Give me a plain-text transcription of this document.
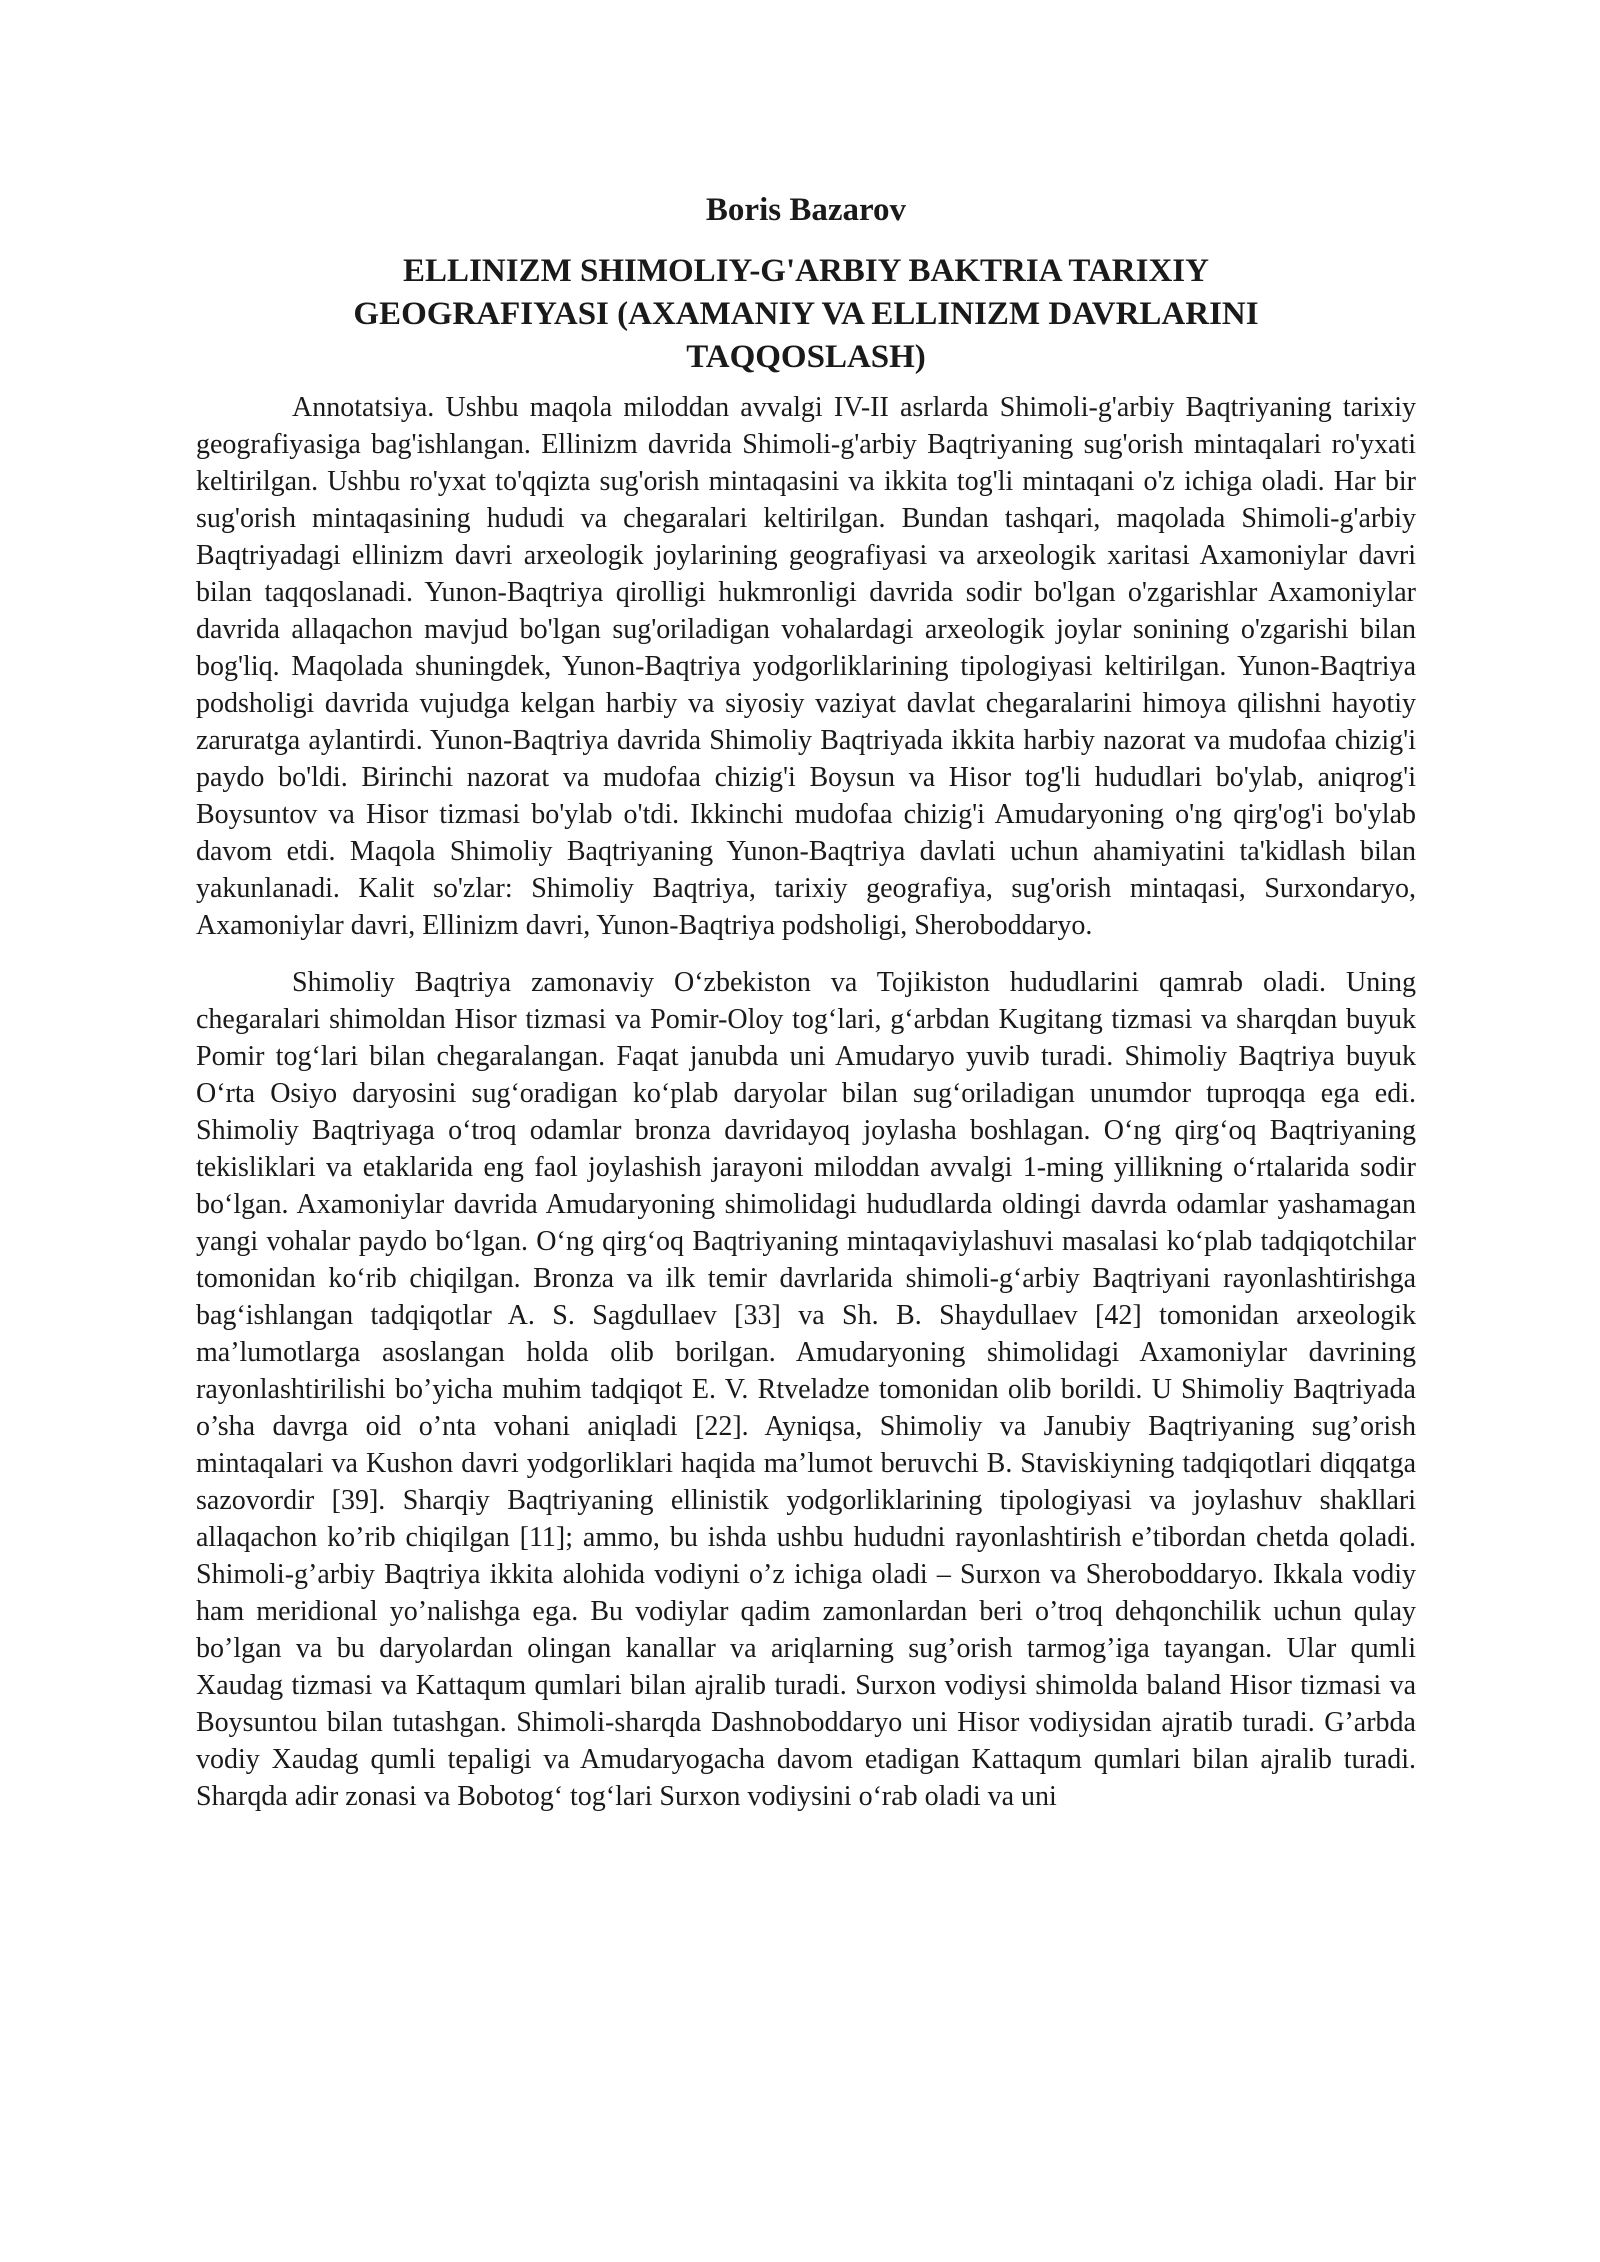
Boris Bazarov
ELLINIZM SHIMOLIY-G'ARBIY BAKTRIA TARIXIY
GEOGRAFIYASI (AXAMANIY VA ELLINIZM DAVRLARINI
TAQQOSLASH)

Annotatsiya. Ushbu maqola miloddan avvalgi IV-II asrlarda Shimoli-g'arbiy Baqtriyaning tarixiy geografiyasiga bag'ishlangan. Ellinizm davrida Shimoli-g'arbiy Baqtriyaning sug'orish mintaqalari ro'yxati keltirilgan. Ushbu ro'yxat to'qqizta sug'orish mintaqasini va ikkita tog'li mintaqani o'z ichiga oladi. Har bir sug'orish mintaqasining hududi va chegaralari keltirilgan. Bundan tashqari, maqolada Shimoli-g'arbiy Baqtriyadagi ellinizm davri arxeologik joylarining geografiyasi va arxeologik xaritasi Axamoniylar davri bilan taqqoslanadi. Yunon-Baqtriya qirolligi hukmronligi davrida sodir bo'lgan o'zgarishlar Axamoniylar davrida allaqachon mavjud bo'lgan sug'oriladigan vohalardagi arxeologik joylar sonining o'zgarishi bilan bog'liq. Maqolada shuningdek, Yunon-Baqtriya yodgorliklarining tipologiyasi keltirilgan. Yunon-Baqtriya podsholigi davrida vujudga kelgan harbiy va siyosiy vaziyat davlat chegaralarini himoya qilishni hayotiy zaruratga aylantirdi. Yunon-Baqtriya davrida Shimoliy Baqtriyada ikkita harbiy nazorat va mudofaa chizig'i paydo bo'ldi. Birinchi nazorat va mudofaa chizig'i Boysun va Hisor tog'li hududlari bo'ylab, aniqrog'i Boysuntov va Hisor tizmasi bo'ylab o'tdi. Ikkinchi mudofaa chizig'i Amudaryoning o'ng qirg'og'i bo'ylab davom etdi. Maqola Shimoliy Baqtriyaning Yunon-Baqtriya davlati uchun ahamiyatini ta'kidlash bilan yakunlanadi. Kalit so'zlar: Shimoliy Baqtriya, tarixiy geografiya, sug'orish mintaqasi, Surxondaryo, Axamoniylar davri, Ellinizm davri, Yunon-Baqtriya podsholigi, Sheroboddaryo.

Shimoliy Baqtriya zamonaviy O‘zbekiston va Tojikiston hududlarini qamrab oladi. Uning chegaralari shimoldan Hisor tizmasi va Pomir-Oloy tog‘lari, g‘arbdan Kugitang tizmasi va sharqdan buyuk Pomir tog‘lari bilan chegaralangan. Faqat janubda uni Amudaryo yuvib turadi. Shimoliy Baqtriya buyuk O‘rta Osiyo daryosini sug‘oradigan ko‘plab daryolar bilan sug‘oriladigan unumdor tuproqqa ega edi. Shimoliy Baqtriyaga o‘troq odamlar bronza davridayoq joylasha boshlagan. O‘ng qirg‘oq Baqtriyaning tekisliklari va etaklarida eng faol joylashish jarayoni miloddan avvalgi 1-ming yillikning o‘rtalarida sodir bo‘lgan. Axamoniylar davrida Amudaryoning shimolidagi hududlarda oldingi davrda odamlar yashamagan yangi vohalar paydo bo‘lgan. O‘ng qirg‘oq Baqtriyaning mintaqaviylashuvi masalasi ko‘plab tadqiqotchilar tomonidan ko‘rib chiqilgan. Bronza va ilk temir davrlarida shimoli-g‘arbiy Baqtriyani rayonlashtirishga bag‘ishlangan tadqiqotlar A. S. Sagdullaev [33] va Sh. B. Shaydullaev [42] tomonidan arxeologik ma’lumotlarga asoslangan holda olib borilgan. Amudaryoning shimolidagi Axamoniylar davrining rayonlashtirilishi bo’yicha muhim tadqiqot E. V. Rtveladze tomonidan olib borildi. U Shimoliy Baqtriyada o’sha davrga oid o’nta vohani aniqladi [22]. Ayniqsa, Shimoliy va Janubiy Baqtriyaning sug’orish mintaqalari va Kushon davri yodgorliklari haqida ma’lumot beruvchi B. Staviskiyning tadqiqotlari diqqatga sazovordir [39]. Sharqiy Baqtriyaning ellinistik yodgorliklarining tipologiyasi va joylashuv shakllari allaqachon ko’rib chiqilgan [11]; ammo, bu ishda ushbu hududni rayonlashtirish e’tibordan chetda qoladi. Shimoli-g’arbiy Baqtriya ikkita alohida vodiyni o’z ichiga oladi – Surxon va Sheroboddaryo. Ikkala vodiy ham meridional yo’nalishga ega. Bu vodiylar qadim zamonlardan beri o’troq dehqonchilik uchun qulay bo’lgan va bu daryolardan olingan kanallar va ariqlarning sug’orish tarmog’iga tayangan. Ular qumli Xaudag tizmasi va Kattaqum qumlari bilan ajralib turadi. Surxon vodiysi shimolda baland Hisor tizmasi va Boysuntou bilan tutashgan. Shimoli-sharqda Dashnoboddaryo uni Hisor vodiysidan ajratib turadi. G’arbda vodiy Xaudag qumli tepaligi va Amudaryogacha davom etadigan Kattaqum qumlari bilan ajralib turadi. Sharqda adir zonasi va Bobotog‘ tog‘lari Surxon vodiysini o‘rab oladi va uni
